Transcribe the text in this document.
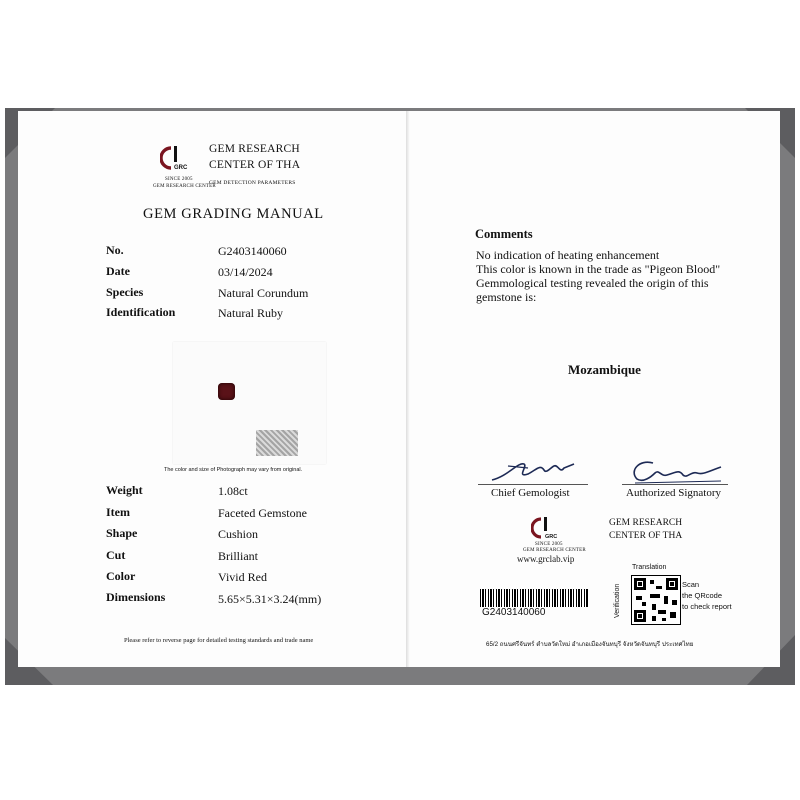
GRC
SINCE 2005
GEM RESEARCH CENTER
GEM RESEARCH
CENTER OF THA
GEM DETECTION PARAMETERS
GEM GRADING MANUAL
No.	G2403140060
Date	03/14/2024
Species	Natural Corundum
Identification	Natural Ruby
The color and size of Photograph may vary from original.
Weight	1.08ct
Item	Faceted Gemstone
Shape	Cushion
Cut	Brilliant
Color	Vivid Red
Dimensions	5.65×5.31×3.24(mm)
Please refer to reverse page for detailed testing standards and trade name
Comments
No indication of heating enhancement
This color is known in the trade as "Pigeon Blood"
Gemmological testing revealed the origin of this
gemstone is:
Mozambique
Chief Gemologist	Authorized Signatory
GRC
SINCE 2005
GEM RESEARCH CENTER
www.grclab.vip
GEM RESEARCH
CENTER OF THA
G2403140060
Translation
Verification	Scan
the QRcode
to check report
65/2 ถนนศรีจันทร์ ตำบลวัดใหม่ อำเภอเมืองจันทบุรี จังหวัดจันทบุรี ประเทศไทย
